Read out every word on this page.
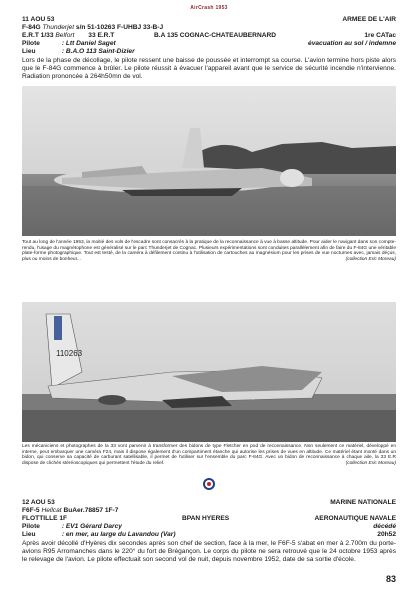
AirCrash 1953
11 AOU 53	ARMEE DE L'AIR
F-84G Thunderjet s/n 51-10263 F-UHBJ 33-B-J
E.R.T 1/33 Belfort 33 E.R.T	B.A 135 COGNAC-CHATEAUBERNARD	1re CATac
Pilote	: Ltt Daniel Saget	évacuation au sol / indemne
Lieu	: B.A.O 113 Saint-Dizier
Lors de la phase de décollage, le pilote ressent une baisse de poussée et interrompt sa course. L'avion termine hors piste alors que le F-84G commence à brûler. Le pilote réussit à évacuer l'appareil avant que le service de sécurité incendie n'intervienne. Radiation prononcée à 264h50mn de vol.
Tout au long de l'année 1953, la moitié des vols de l'escadre sont consacrés à la pratique de la reconnaissance à vue à basse altitude. Pour aider le navigant dans son compte-rendu, l'usage du magnétophone est généralisé sur le parc Thunderjet de Cognac. Plusieurs expérimentations sont conduites parallèlement afin de faire du F-84G une véritable plate-forme photographique. Tout est testé, de la caméra à défilement continu à l'utilisation de cartouches au magnésium pour les prises de vue nocturnes avec, jamais déçus, plus ou moins de bonheur...	(collection Eric Moreau)
110263
Les mécaniciens et photographes de la 33 vont parvenir à transformer des bidons de type Fletcher en pod de reconnaissance. Non seulement ce matériel, développé en interne, peut embarquer une caméra F24, mais il dispose également d'un compartiment étanche qui autorise les prises de vues en altitude. Ce matériel étant monté dans un bidon, qui conserve sa capacité de carburant satellisable, il permet de l'utiliser sur l'ensemble du parc F-84G. Avec un bidon de reconnaissance à chaque aile, la 33 E.R dispose de clichés stéréoscopiques qui permettent l'étude du relief.	(collection Eric Moreau)
12 AOU 53	MARINE NATIONALE
F6F-5 Hellcat BuAer.78857 1F-7
FLOTTILLE 1F	BPAN HYERES	AERONAUTIQUE NAVALE
Pilote	: EV1 Gérard Darcy	décédé
Lieu	: en mer, au large du Lavandou (Var)	20h52
Après avoir décollé d'Hyères dix secondes après son chef de section, face à la mer, le F6F-5 s'abat en mer à 2.700m du porte-avions R95 Arromanches dans le 220° du fort de Brégançon. Le corps du pilote ne sera retrouvé que le 24 octobre 1953 après le relevage de l'avion. Le pilote effectuait son second vol de nuit, depuis novembre 1952, date de sa sortie d'école.
83
